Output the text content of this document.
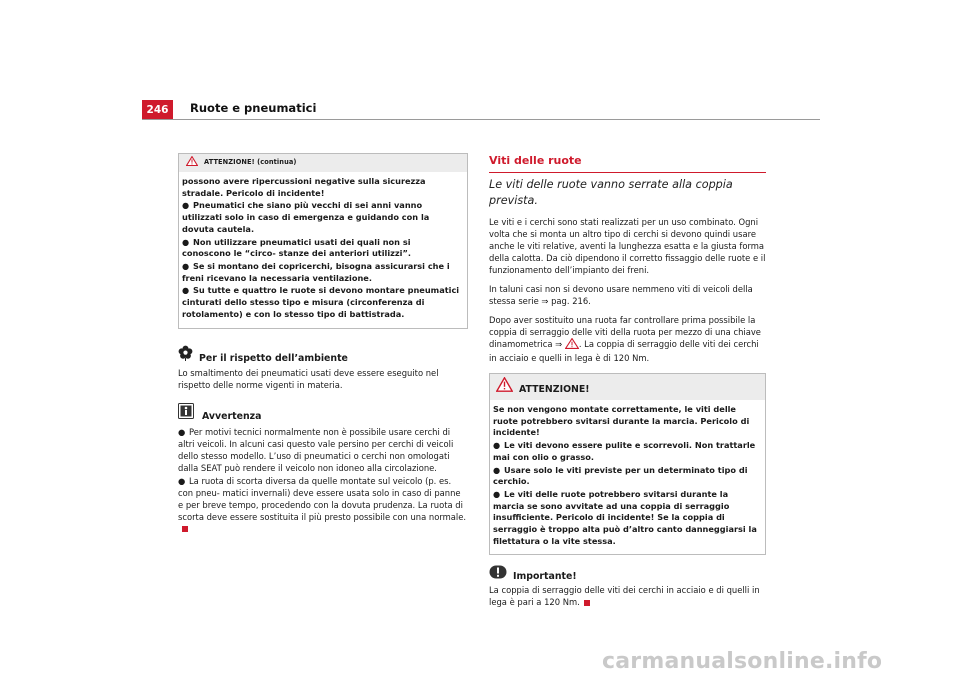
246	Ruote e pneumatici
ATTENZIONE! (continua)

possono avere ripercussioni negative sulla sicurezza stradale. Pericolo di incidente!

● Pneumatici che siano più vecchi di sei anni vanno utilizzati solo in caso di emergenza e guidando con la dovuta cautela.

● Non utilizzare pneumatici usati dei quali non si conoscono le “circo- stanze dei anteriori utilizzi”.

● Se si montano dei copricerchi, bisogna assicurarsi che i freni ricevano la necessaria ventilazione.

● Su tutte e quattro le ruote si devono montare pneumatici cinturati dello stesso tipo e misura (circonferenza di rotolamento) e con lo stesso tipo di battistrada.

Per il rispetto dell’ambiente

Lo smaltimento dei pneumatici usati deve essere eseguito nel rispetto delle norme vigenti in materia.

Avvertenza

● Per motivi tecnici normalmente non è possibile usare cerchi di altri veicoli. In alcuni casi questo vale persino per cerchi di veicoli dello stesso modello. L’uso di pneumatici o cerchi non omologati dalla SEAT può rendere il veicolo non idoneo alla circolazione.

● La ruota di scorta diversa da quelle montate sul veicolo (p. es. con pneu- matici invernali) deve essere usata solo in caso di panne e per breve tempo, procedendo con la dovuta prudenza. La ruota di scorta deve essere sostituita il più presto possibile con una normale.

Viti delle ruote
Le viti delle ruote vanno serrate alla coppia prevista.

Le viti e i cerchi sono stati realizzati per un uso combinato. Ogni volta che si monta un altro tipo di cerchi si devono quindi usare anche le viti relative, aventi la lunghezza esatta e la giusta forma della calotta. Da ciò dipendono il corretto fissaggio delle ruote e il funzionamento dell’impianto dei freni.

In taluni casi non si devono usare nemmeno viti di veicoli della stessa serie ⇒ pag. 216.

Dopo aver sostituito una ruota far controllare prima possibile la coppia di serraggio delle viti della ruota per mezzo di una chiave dinamometrica ⇒ . La coppia di serraggio delle viti dei cerchi in acciaio e quelli in lega è di 120 Nm.

ATTENZIONE!

Se non vengono montate correttamente, le viti delle ruote potrebbero svitarsi durante la marcia. Pericolo di incidente!

● Le viti devono essere pulite e scorrevoli. Non trattarle mai con olio o grasso.

● Usare solo le viti previste per un determinato tipo di cerchio.

● Le viti delle ruote potrebbero svitarsi durante la marcia se sono avvitate ad una coppia di serraggio insufficiente. Pericolo di incidente! Se la coppia di serraggio è troppo alta può d’altro canto danneggiarsi la filettatura o la vite stessa.

Importante!

La coppia di serraggio delle viti dei cerchi in acciaio e di quelli in lega è pari a 120 Nm.

carmanualsonline.info
